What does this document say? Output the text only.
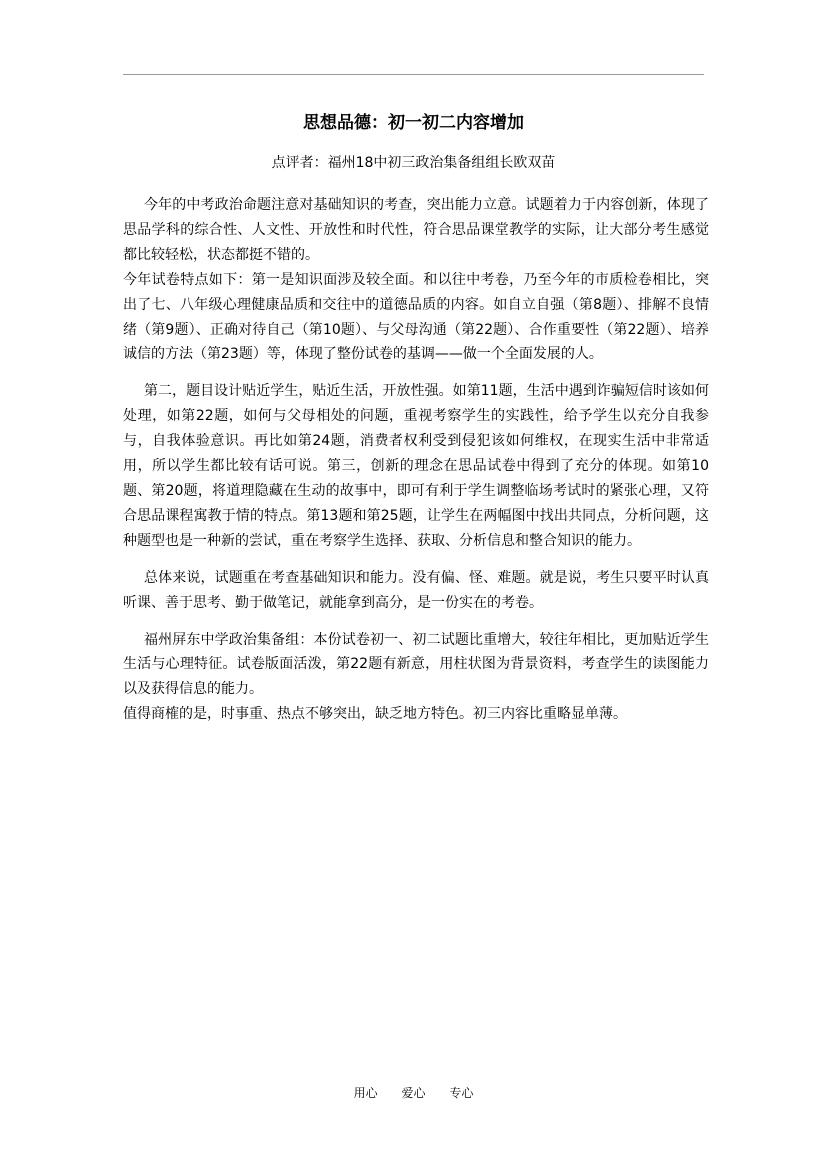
思想品德：初一初二内容增加
点评者：福州18中初三政治集备组组长欧双苗

今年的中考政治命题注意对基础知识的考查，突出能力立意。试题着力于内容创新，体现了思品学科的综合性、人文性、开放性和时代性，符合思品课堂教学的实际，让大部分考生感觉都比较轻松，状态都挺不错的。

今年试卷特点如下：第一是知识面涉及较全面。和以往中考卷，乃至今年的市质检卷相比，突出了七、八年级心理健康品质和交往中的道德品质的内容。如自立自强（第8题）、排解不良情绪（第9题）、正确对待自己（第10题）、与父母沟通（第22题）、合作重要性（第22题）、培养诚信的方法（第23题）等，体现了整份试卷的基调——做一个全面发展的人。

第二，题目设计贴近学生，贴近生活，开放性强。如第11题，生活中遇到诈骗短信时该如何处理，如第22题，如何与父母相处的问题，重视考察学生的实践性，给予学生以充分自我参与，自我体验意识。再比如第24题，消费者权利受到侵犯该如何维权，在现实生活中非常适用，所以学生都比较有话可说。第三，创新的理念在思品试卷中得到了充分的体现。如第10题、第20题，将道理隐藏在生动的故事中，即可有利于学生调整临场考试时的紧张心理，又符合思品课程寓教于情的特点。第13题和第25题，让学生在两幅图中找出共同点，分析问题，这种题型也是一种新的尝试，重在考察学生选择、获取、分析信息和整合知识的能力。

总体来说，试题重在考查基础知识和能力。没有偏、怪、难题。就是说，考生只要平时认真听课、善于思考、勤于做笔记，就能拿到高分，是一份实在的考卷。

福州屏东中学政治集备组：本份试卷初一、初二试题比重增大，较往年相比，更加贴近学生生活与心理特征。试卷版面活泼，第22题有新意，用柱状图为背景资料，考查学生的读图能力以及获得信息的能力。

值得商榷的是，时事重、热点不够突出，缺乏地方特色。初三内容比重略显单薄。

用心 爱心 专心
